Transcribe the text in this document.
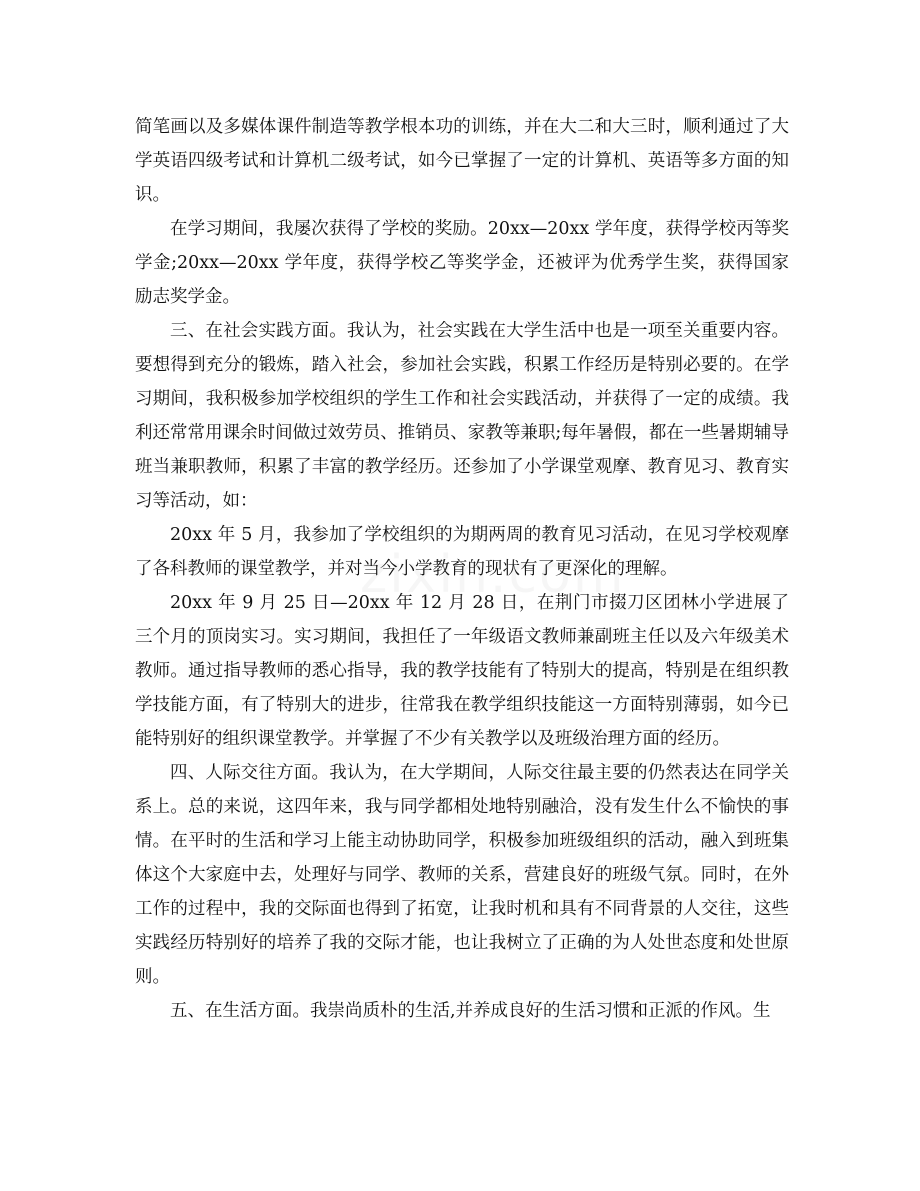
简笔画以及多媒体课件制造等教学根本功的训练，并在大二和大三时，顺利通过了大学英语四级考试和计算机二级考试，如今已掌握了一定的计算机、英语等多方面的知识。

在学习期间，我屡次获得了学校的奖励。20xx—20xx 学年度，获得学校丙等奖学金;20xx—20xx 学年度，获得学校乙等奖学金，还被评为优秀学生奖，获得国家励志奖学金。

三、在社会实践方面。我认为，社会实践在大学生活中也是一项至关重要内容。要想得到充分的锻炼，踏入社会，参加社会实践，积累工作经历是特别必要的。在学习期间，我积极参加学校组织的学生工作和社会实践活动，并获得了一定的成绩。我利还常常用课余时间做过效劳员、推销员、家教等兼职;每年暑假，都在一些暑期辅导班当兼职教师，积累了丰富的教学经历。还参加了小学课堂观摩、教育见习、教育实习等活动，如：

20xx 年 5 月，我参加了学校组织的为期两周的教育见习活动，在见习学校观摩了各科教师的课堂教学，并对当今小学教育的现状有了更深化的理解。

20xx 年 9 月 25 日—20xx 年 12 月 28 日，在荆门市掇刀区团林小学进展了三个月的顶岗实习。实习期间，我担任了一年级语文教师兼副班主任以及六年级美术教师。通过指导教师的悉心指导，我的教学技能有了特别大的提高，特别是在组织教学技能方面，有了特别大的进步，往常我在教学组织技能这一方面特别薄弱，如今已能特别好的组织课堂教学。并掌握了不少有关教学以及班级治理方面的经历。

四、人际交往方面。我认为，在大学期间，人际交往最主要的仍然表达在同学关系上。总的来说，这四年来，我与同学都相处地特别融洽，没有发生什么不愉快的事情。在平时的生活和学习上能主动协助同学，积极参加班级组织的活动，融入到班集体这个大家庭中去，处理好与同学、教师的关系，营建良好的班级气氛。同时，在外工作的过程中，我的交际面也得到了拓宽，让我时机和具有不同背景的人交往，这些实践经历特别好的培养了我的交际才能，也让我树立了正确的为人处世态度和处世原则。

五、在生活方面。我崇尚质朴的生活,并养成良好的生活习惯和正派的作风。生
